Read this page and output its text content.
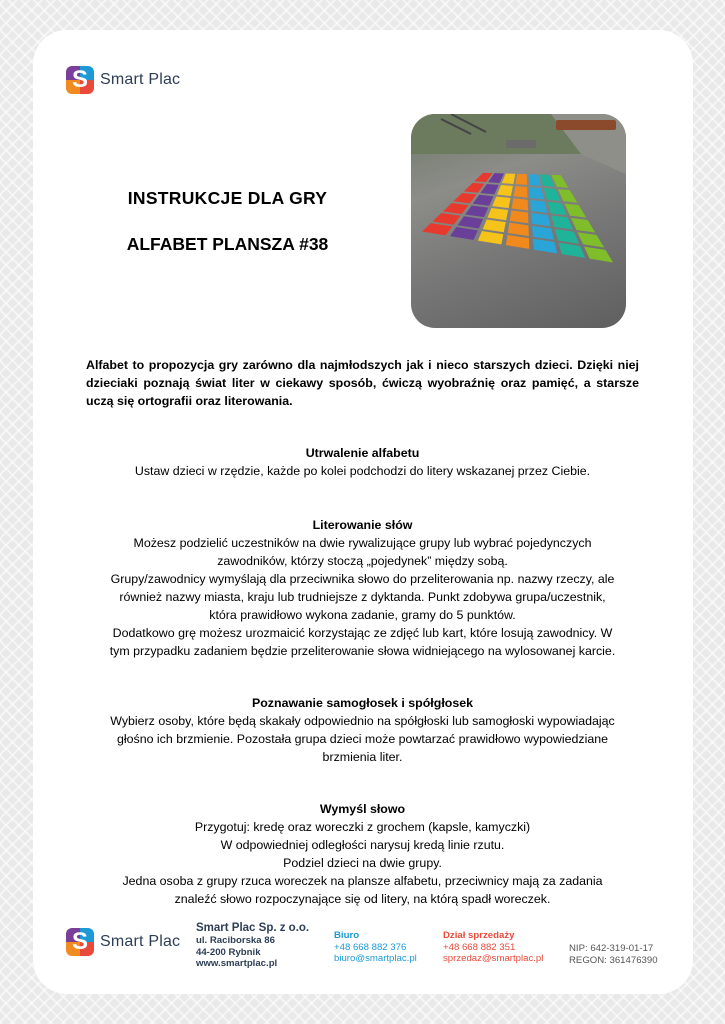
S Smart Plac
INSTRUKCJE DLA GRY
ALFABET PLANSZA #38

Alfabet to propozycja gry zarówno dla najmłodszych jak i nieco starszych dzieci. Dzięki niej dzieciaki poznają świat liter w ciekawy sposób, ćwiczą wyobraźnię oraz pamięć, a starsze uczą się ortografii oraz literowania.

Utrwalenie alfabetu

Ustaw dzieci w rzędzie, każde po kolei podchodzi do litery wskazanej przez Ciebie.

Literowanie słów

Możesz podzielić uczestników na dwie rywalizujące grupy lub wybrać pojedynczych

zawodników, którzy stoczą „pojedynek” między sobą.

Grupy/zawodnicy wymyślają dla przeciwnika słowo do przeliterowania np. nazwy rzeczy, ale

również nazwy miasta, kraju lub trudniejsze z dyktanda. Punkt zdobywa grupa/uczestnik,

która prawidłowo wykona zadanie, gramy do 5 punktów.

Dodatkowo grę możesz urozmaicić korzystając ze zdjęć lub kart, które losują zawodnicy. W

tym przypadku zadaniem będzie przeliterowanie słowa widniejącego na wylosowanej karcie.

Poznawanie samogłosek i spółgłosek

Wybierz osoby, które będą skakały odpowiednio na spółgłoski lub samogłoski wypowiadając

głośno ich brzmienie. Pozostała grupa dzieci może powtarzać prawidłowo wypowiedziane

brzmienia liter.

Wymyśl słowo

Przygotuj: kredę oraz woreczki z grochem (kapsle, kamyczki)

W odpowiedniej odległości narysuj kredą linie rzutu.

Podziel dzieci na dwie grupy.

Jedna osoba z grupy rzuca woreczek na plansze alfabetu, przeciwnicy mają za zadania

znaleźć słowo rozpoczynające się od litery, na którą spadł woreczek.

S Smart Plac
Smart Plac Sp. z o.o.
ul. Raciborska 86
44-200 Rybnik
www.smartplac.pl
Biuro
+48 668 882 376
biuro@smartplac.pl
Dział sprzedaży
+48 668 882 351
sprzedaz@smartplac.pl
NIP: 642-319-01-17
REGON: 361476390
